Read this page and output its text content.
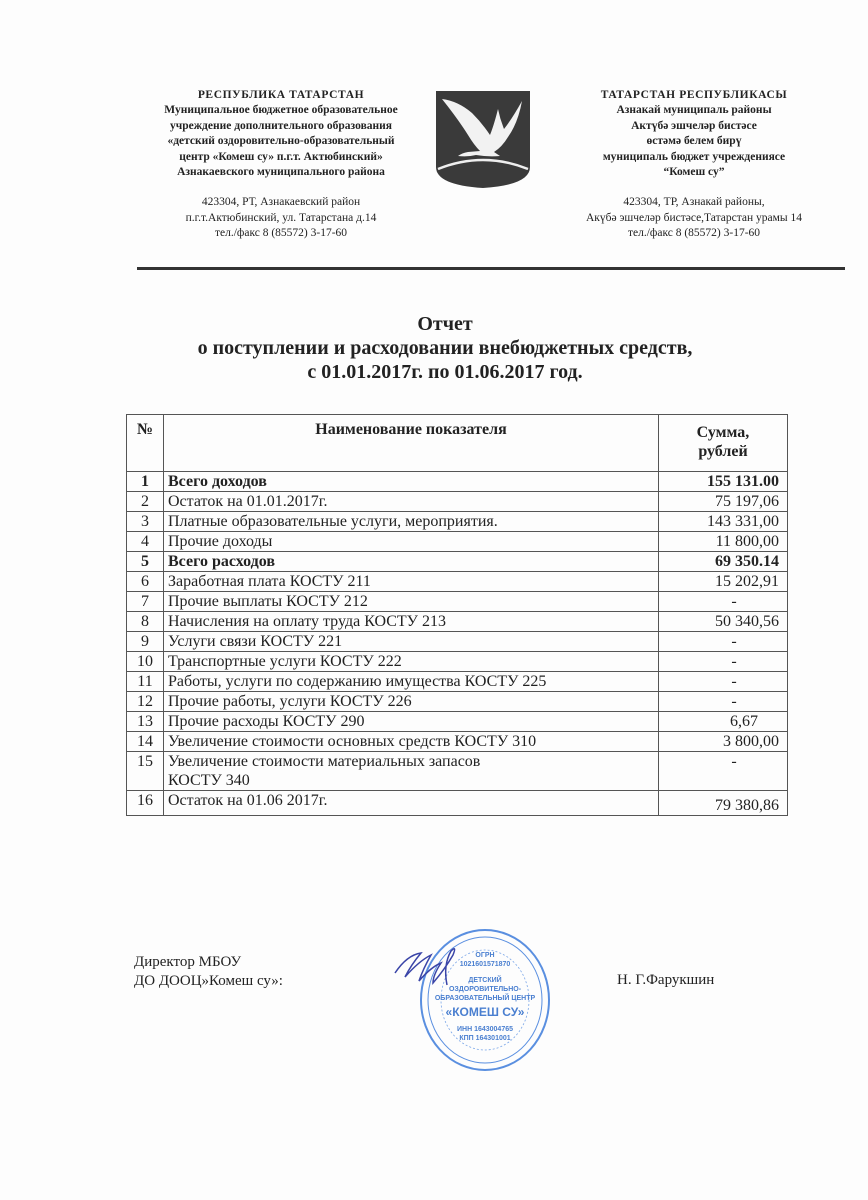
РЕСПУБЛИКА ТАТАРСТАН
Муниципальное бюджетное образовательное
учреждение дополнительного образования
«детский оздоровительно-образовательный
центр «Комеш су» п.г.т. Актюбинский»
Азнакаевского муниципального района
423304, РТ, Азнакаевский район
п.г.т.Актюбинский, ул. Татарстана д.14
тел./факс 8 (85572) 3-17-60
ТАТАРСТАН РЕСПУБЛИКАСЫ
Азнакай муниципаль районы
Актүбә эшчеләр бистәсе
өстәмә белем бирү
муниципаль бюджет учреждениясе
“Комеш су”
423304, ТР, Азнакай районы,
Акүбә эшчеләр бистәсе,Татарстан урамы 14
тел./факс 8 (85572) 3-17-60
Отчет
о поступлении и расходовании внебюджетных средств,
с 01.01.2017г. по 01.06.2017 год.
№	Наименование показателя	Сумма,
рублей

1	Всего доходов	155 131.00
2	Остаток на 01.01.2017г.	75 197,06
3	Платные образовательные услуги, мероприятия.	143 331,00
4	Прочие доходы	11 800,00
5	Всего расходов	69 350.14
6	Заработная плата КОСТУ 211	15 202,91
7	Прочие выплаты КОСТУ 212	-
8	Начисления на оплату труда КОСТУ 213	50 340,56
9	Услуги связи КОСТУ 221	-
10	Транспортные услуги КОСТУ 222	-
11	Работы, услуги по содержанию имущества КОСТУ 225	-
12	Прочие работы, услуги КОСТУ 226	-
13	Прочие расходы КОСТУ 290	6,67
14	Увеличение стоимости основных средств КОСТУ 310	3 800,00
15	Увеличение стоимости материальных запасов
КОСТУ 340	-
16	Остаток на 01.06 2017г.	79 380,86
Директор МБОУ
ДО ДООЦ»Комеш су»:
ОГРН
1021601571870
ДЕТСКИЙ
ОЗДОРОВИТЕЛЬНО-
ОБРАЗОВАТЕЛЬНЫЙ ЦЕНТР
«КОМЕШ СУ»
ИНН 1643004765
КПП 164301001
Н. Г.Фарукшин
